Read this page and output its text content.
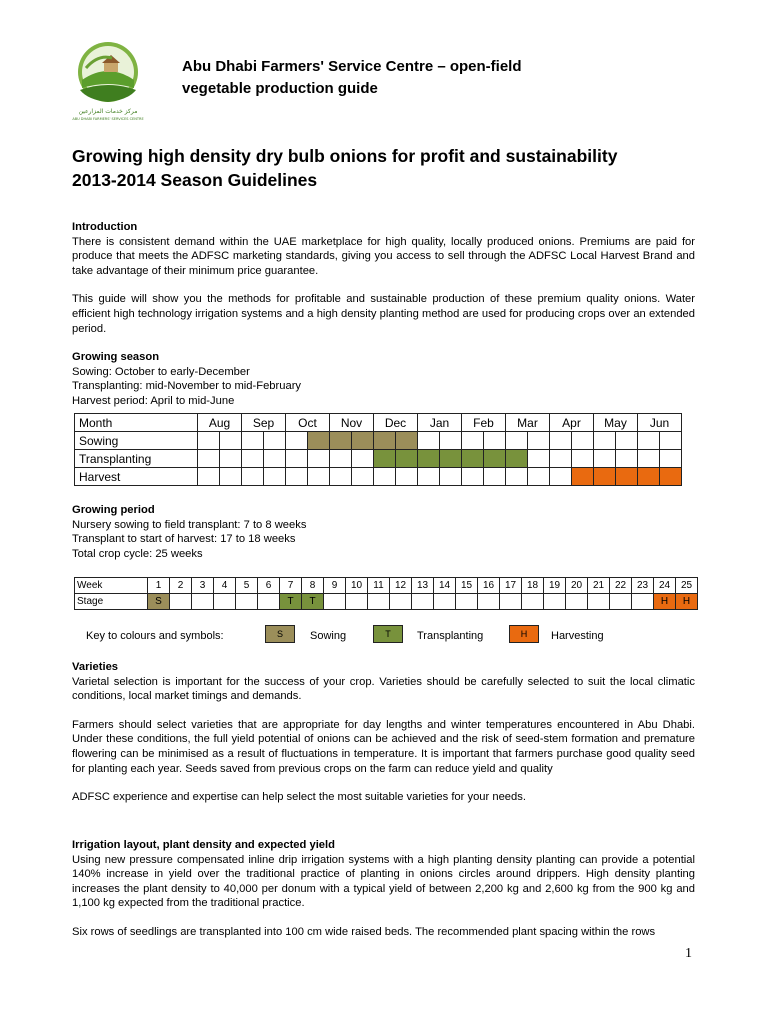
مركز خدمات المزارعين
ABU DHABI FARMERS' SERVICES CENTRE
Abu Dhabi Farmers' Service Centre – open-field
vegetable production guide
Growing high density dry bulb onions for profit and sustainability
2013-2014 Season Guidelines
Introduction
There is consistent demand within the UAE marketplace for high quality, locally produced onions. Premiums are paid for produce that meets the ADFSC marketing standards, giving you access to sell through the ADFSC Local Harvest Brand and take advantage of their minimum price guarantee.
This guide will show you the methods for profitable and sustainable production of these premium quality onions. Water efficient high technology irrigation systems and a high density planting method are used for producing crops over an extended period.
Growing season
Sowing: October to early-December
Transplanting: mid-November to mid-February
Harvest period: April to mid-June
Month	Aug		Sep		Oct		Nov		Dec		Jan		Feb		Mar		Apr		May		Jun	
Sowing																						
Transplanting																						
Harvest																						
Growing period
Nursery sowing to field transplant: 7 to 8 weeks
Transplant to start of harvest: 17 to 18 weeks
Total crop cycle: 25 weeks
Week	1	2	3	4	5	6	7	8	9	10	11	12	13	14	15	16	17	18	19	20	21	22	23	24	25
Stage	S						T	T																H	H
Key to colours and symbols:	S	Sowing	T	Transplanting	H	Harvesting
Varieties
Varietal selection is important for the success of your crop. Varieties should be carefully selected to suit the local climatic conditions, local market timings and demands.
Farmers should select varieties that are appropriate for day lengths and winter temperatures encountered in Abu Dhabi. Under these conditions, the full yield potential of onions can be achieved and the risk of seed-stem formation and premature flowering can be minimised as a result of fluctuations in temperature. It is important that farmers purchase good quality seed for planting each year. Seeds saved from previous crops on the farm can reduce yield and quality
ADFSC experience and expertise can help select the most suitable varieties for your needs.
Irrigation layout, plant density and expected yield
Using new pressure compensated inline drip irrigation systems with a high planting density planting can provide a potential 140% increase in yield over the traditional practice of planting in onions circles around drippers. High density planting increases the plant density to 40,000 per donum with a typical yield of between 2,200 kg and 2,600 kg from the 900 kg and 1,100 kg expected from the traditional practice.
Six rows of seedlings are transplanted into 100 cm wide raised beds. The recommended plant spacing within the rows
1
